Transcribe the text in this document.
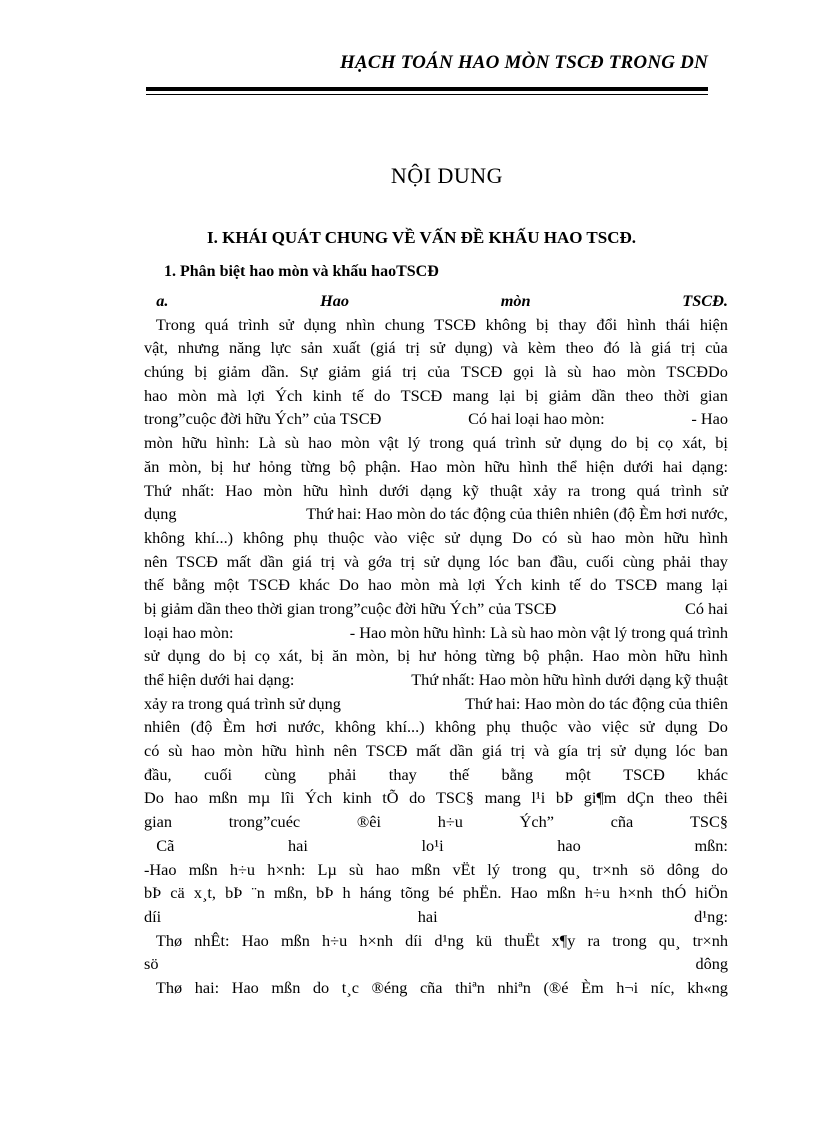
HẠCH TOÁN HAO MÒN TSCĐ TRONG DN
NỘI DUNG
I. KHÁI QUÁT CHUNG VỀ VẤN ĐỀ KHẤU HAO TSCĐ.
1. Phân biệt hao mòn và khấu haoTSCĐ
a.	Hao	mòn	TSCĐ.
Trong quá trình sử dụng nhìn chung TSCĐ không bị thay đổi hình thái hiện
vật, nhưng năng lực sản xuất (giá trị sử dụng) và kèm theo đó là giá trị của
chúng bị giảm dần. Sự giảm giá trị của TSCĐ gọi là sù hao mòn TSCĐDo
hao mòn mà lợi Ých kinh tế do TSCĐ mang lại bị giảm dần theo thời gian
trong”cuộc đời hữu Ých” của TSCĐ	Có hai loại hao mòn:	- Hao
mòn hữu hình: Là sù hao mòn vật lý trong quá trình sử dụng do bị cọ xát, bị
ăn mòn, bị hư hỏng từng bộ phận. Hao mòn hữu hình thể hiện dưới hai dạng:
Thứ nhất: Hao mòn hữu hình dưới dạng kỹ thuật xảy ra trong quá trình sử
dụng	Thứ hai: Hao mòn do tác động của thiên nhiên (độ Èm hơi nước,
không khí...) không phụ thuộc vào việc sử dụng Do có sù hao mòn hữu hình
nên TSCĐ mất dần giá trị và gớa trị sử dụng lóc ban đầu, cuối cùng phải thay
thế bằng một TSCĐ khác Do hao mòn mà lợi Ých kinh tế do TSCĐ mang lại
bị giảm dần theo thời gian trong”cuộc đời hữu Ých” của TSCĐ	Có hai
loại hao mòn:	- Hao mòn hữu hình: Là sù hao mòn vật lý trong quá trình
sử dụng do bị cọ xát, bị ăn mòn, bị hư hỏng từng bộ phận. Hao mòn hữu hình
thể hiện dưới hai dạng:	Thứ nhất: Hao mòn hữu hình dưới dạng kỹ thuật
xảy ra trong quá trình sử dụng	Thứ hai: Hao mòn do tác động của thiên
nhiên (độ Èm hơi nước, không khí...) không phụ thuộc vào việc sử dụng Do
có sù hao mòn hữu hình nên TSCĐ mất dần giá trị và gía trị sử dụng lóc ban
đầu, cuối cùng phải thay thế bằng một TSCĐ khác
Do hao mßn mµ lîi Ých kinh tÕ do TSC§ mang l¹i bÞ gi¶m dÇn theo thêi
gian	trong”cuéc	®êi	h÷u	Ých”	cña	TSC§
Cã	hai	lo¹i	hao	mßn:
-Hao mßn h÷u h×nh: Lµ sù hao mßn vËt lý trong qu¸ tr×nh sö dông do
bÞ cä x¸t, bÞ ¨n mßn, bÞ h háng tõng bé phËn. Hao mßn h÷u h×nh thÓ hiÖn
díi	hai	d¹ng:
Thø nhÊt: Hao mßn h÷u h×nh díi d¹ng kü thuËt x¶y ra trong qu¸ tr×nh
sö	dông
Thø hai: Hao mßn do t¸c ®éng cña thiªn nhiªn (®é Èm h¬i níc, kh«ng
